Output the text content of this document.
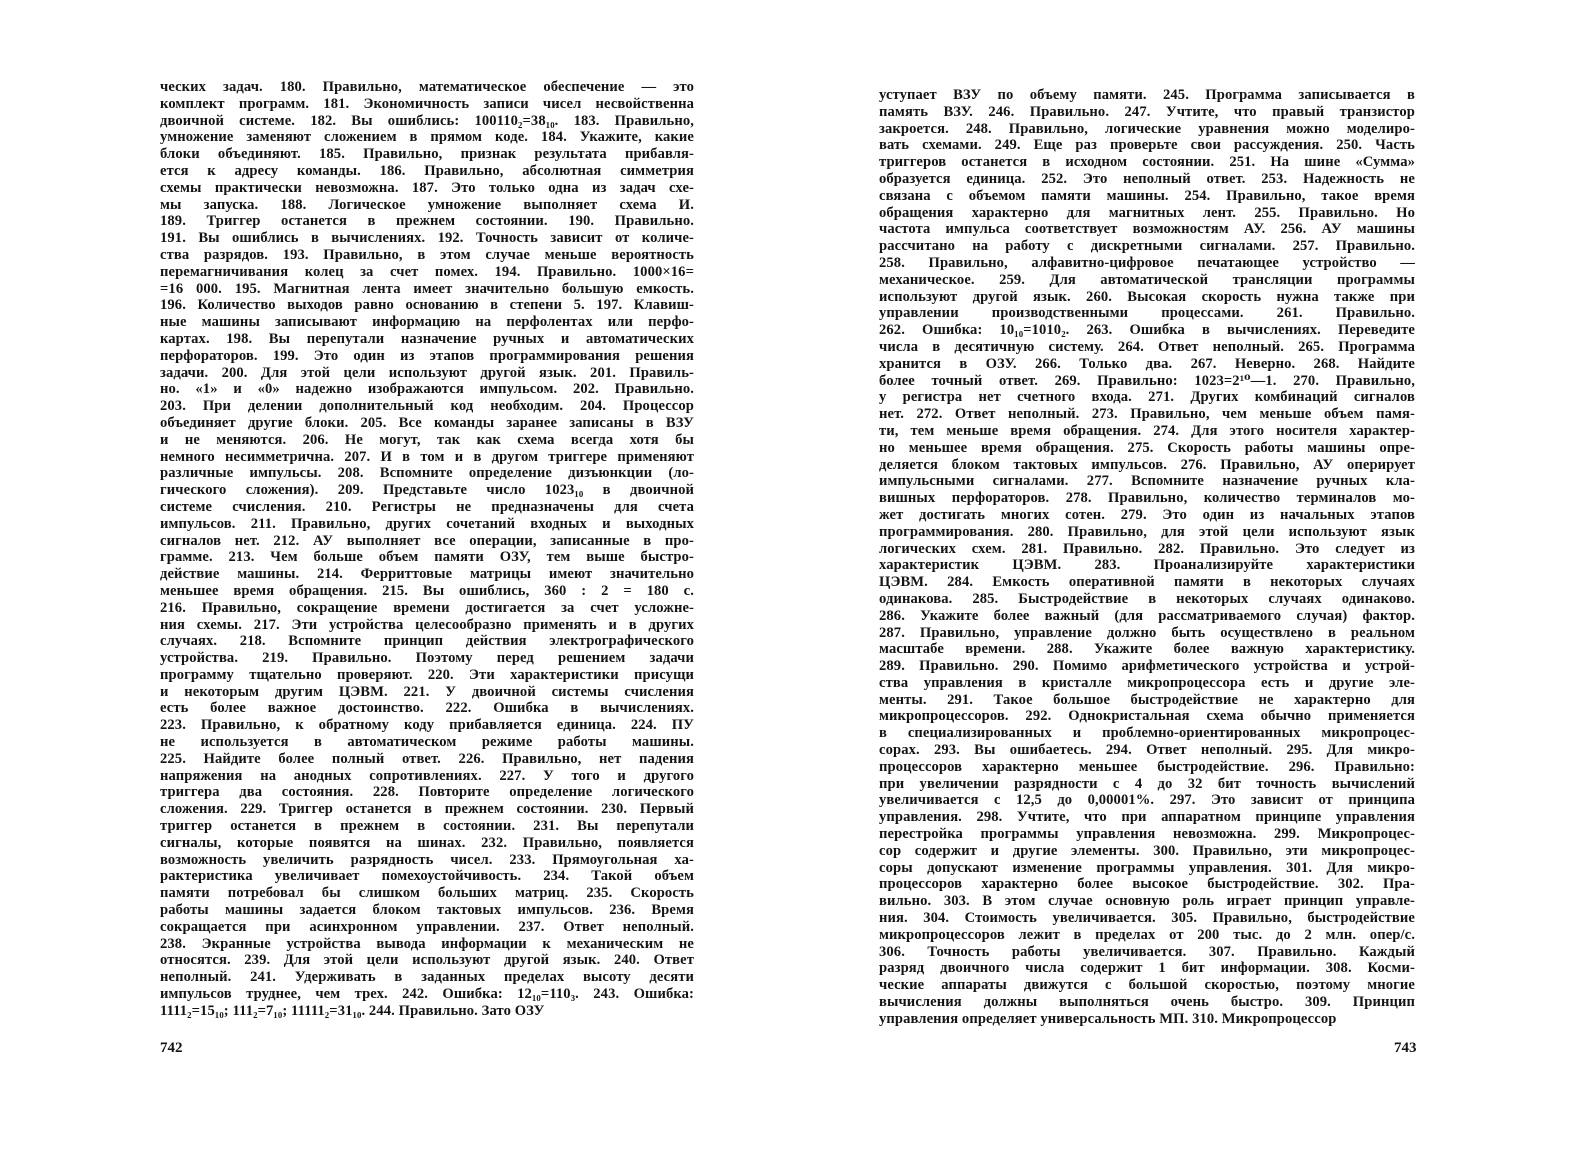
ческих задач. 180. Правильно, математическое обеспечение — это
комплект программ. 181. Экономичность записи чисел несвойственна
двоичной системе. 182. Вы ошиблись: 100110₂=38₁₀. 183. Правильно,
умножение заменяют сложением в прямом коде. 184. Укажите, какие
блоки объединяют. 185. Правильно, признак результата прибавля-
ется к адресу команды. 186. Правильно, абсолютная симметрия
схемы практически невозможна. 187. Это только одна из задач схе-
мы запуска. 188. Логическое умножение выполняет схема И.
189. Триггер останется в прежнем состоянии. 190. Правильно.
191. Вы ошиблись в вычислениях. 192. Точность зависит от количе-
ства разрядов. 193. Правильно, в этом случае меньше вероятность
перемагничивания колец за счет помех. 194. Правильно. 1000×16=
=16 000. 195. Магнитная лента имеет значительно большую емкость.
196. Количество выходов равно основанию в степени 5. 197. Клавиш-
ные машины записывают информацию на перфолентах или перфо-
картах. 198. Вы перепутали назначение ручных и автоматических
перфораторов. 199. Это один из этапов программирования решения
задачи. 200. Для этой цели используют другой язык. 201. Правиль-
но. «1» и «0» надежно изображаются импульсом. 202. Правильно.
203. При делении дополнительный код необходим. 204. Процессор
объединяет другие блоки. 205. Все команды заранее записаны в ВЗУ
и не меняются. 206. Не могут, так как схема всегда хотя бы
немного несимметрична. 207. И в том и в другом триггере применяют
различные импульсы. 208. Вспомните определение дизъюнкции (ло-
гического сложения). 209. Представьте число 1023₁₀ в двоичной
системе счисления. 210. Регистры не предназначены для счета
импульсов. 211. Правильно, других сочетаний входных и выходных
сигналов нет. 212. АУ выполняет все операции, записанные в про-
грамме. 213. Чем больше объем памяти ОЗУ, тем выше быстро-
действие машины. 214. Ферриттовые матрицы имеют значительно
меньшее время обращения. 215. Вы ошиблись, 360 : 2 = 180 с.
216. Правильно, сокращение времени достигается за счет усложне-
ния схемы. 217. Эти устройства целесообразно применять и в других
случаях. 218. Вспомните принцип действия электрографического
устройства. 219. Правильно. Поэтому перед решением задачи
программу тщательно проверяют. 220. Эти характеристики присущи
и некоторым другим ЦЭВМ. 221. У двоичной системы счисления
есть более важное достоинство. 222. Ошибка в вычислениях.
223. Правильно, к обратному коду прибавляется единица. 224. ПУ
не используется в автоматическом режиме работы машины.
225. Найдите более полный ответ. 226. Правильно, нет падения
напряжения на анодных сопротивлениях. 227. У того и другого
триггера два состояния. 228. Повторите определение логического
сложения. 229. Триггер останется в прежнем состоянии. 230. Первый
триггер останется в прежнем в состоянии. 231. Вы перепутали
сигналы, которые появятся на шинах. 232. Правильно, появляется
возможность увеличить разрядность чисел. 233. Прямоугольная ха-
рактеристика увеличивает помехоустойчивость. 234. Такой объем
памяти потребовал бы слишком больших матриц. 235. Скорость
работы машины задается блоком тактовых импульсов. 236. Время
сокращается при асинхронном управлении. 237. Ответ неполный.
238. Экранные устройства вывода информации к механическим не
относятся. 239. Для этой цели используют другой язык. 240. Ответ
неполный. 241. Удерживать в заданных пределах высоту десяти
импульсов труднее, чем трех. 242. Ошибка: 12₁₀=110₃. 243. Ошибка:
1111₂=15₁₀; 111₂=7₁₀; 11111₂=31₁₀. 244. Правильно. Зато ОЗУ
742
уступает ВЗУ по объему памяти. 245. Программа записывается в
память ВЗУ. 246. Правильно. 247. Учтите, что правый транзистор
закроется. 248. Правильно, логические уравнения можно моделиро-
вать схемами. 249. Еще раз проверьте свои рассуждения. 250. Часть
триггеров останется в исходном состоянии. 251. На шине «Сумма»
образуется единица. 252. Это неполный ответ. 253. Надежность не
связана с объемом памяти машины. 254. Правильно, такое время
обращения характерно для магнитных лент. 255. Правильно. Но
частота импульса соответствует возможностям АУ. 256. АУ машины
рассчитано на работу с дискретными сигналами. 257. Правильно.
258. Правильно, алфавитно-цифровое печатающее устройство —
механическое. 259. Для автоматической трансляции программы
используют другой язык. 260. Высокая скорость нужна также при
управлении производственными процессами. 261. Правильно.
262. Ошибка: 10₁₀=1010₂. 263. Ошибка в вычислениях. Переведите
числа в десятичную систему. 264. Ответ неполный. 265. Программа
хранится в ОЗУ. 266. Только два. 267. Неверно. 268. Найдите
более точный ответ. 269. Правильно: 1023=2¹⁰—1. 270. Правильно,
у регистра нет счетного входа. 271. Других комбинаций сигналов
нет. 272. Ответ неполный. 273. Правильно, чем меньше объем памя-
ти, тем меньше время обращения. 274. Для этого носителя характер-
но меньшее время обращения. 275. Скорость работы машины опре-
деляется блоком тактовых импульсов. 276. Правильно, АУ оперирует
импульсными сигналами. 277. Вспомните назначение ручных кла-
вишных перфораторов. 278. Правильно, количество терминалов мо-
жет достигать многих сотен. 279. Это один из начальных этапов
программирования. 280. Правильно, для этой цели используют язык
логических схем. 281. Правильно. 282. Правильно. Это следует из
характеристик ЦЭВМ. 283. Проанализируйте характеристики
ЦЭВМ. 284. Емкость оперативной памяти в некоторых случаях
одинакова. 285. Быстродействие в некоторых случаях одинаково.
286. Укажите более важный (для рассматриваемого случая) фактор.
287. Правильно, управление должно быть осуществлено в реальном
масштабе времени. 288. Укажите более важную характеристику.
289. Правильно. 290. Помимо арифметического устройства и устрой-
ства управления в кристалле микропроцессора есть и другие эле-
менты. 291. Такое большое быстродействие не характерно для
микропроцессоров. 292. Однокристальная схема обычно применяется
в специализированных и проблемно-ориентированных микропроцес-
сорах. 293. Вы ошибаетесь. 294. Ответ неполный. 295. Для микро-
процессоров характерно меньшее быстродействие. 296. Правильно:
при увеличении разрядности с 4 до 32 бит точность вычислений
увеличивается с 12,5 до 0,00001%. 297. Это зависит от принципа
управления. 298. Учтите, что при аппаратном принципе управления
перестройка программы управления невозможна. 299. Микропроцес-
сор содержит и другие элементы. 300. Правильно, эти микропроцес-
соры допускают изменение программы управления. 301. Для микро-
процессоров характерно более высокое быстродействие. 302. Пра-
вильно. 303. В этом случае основную роль играет принцип управле-
ния. 304. Стоимость увеличивается. 305. Правильно, быстродействие
микропроцессоров лежит в пределах от 200 тыс. до 2 млн. опер/с.
306. Точность работы увеличивается. 307. Правильно. Каждый
разряд двоичного числа содержит 1 бит информации. 308. Косми-
ческие аппараты движутся с большой скоростью, поэтому многие
вычисления должны выполняться очень быстро. 309. Принцип
управления определяет универсальность МП. 310. Микропроцессор
743
